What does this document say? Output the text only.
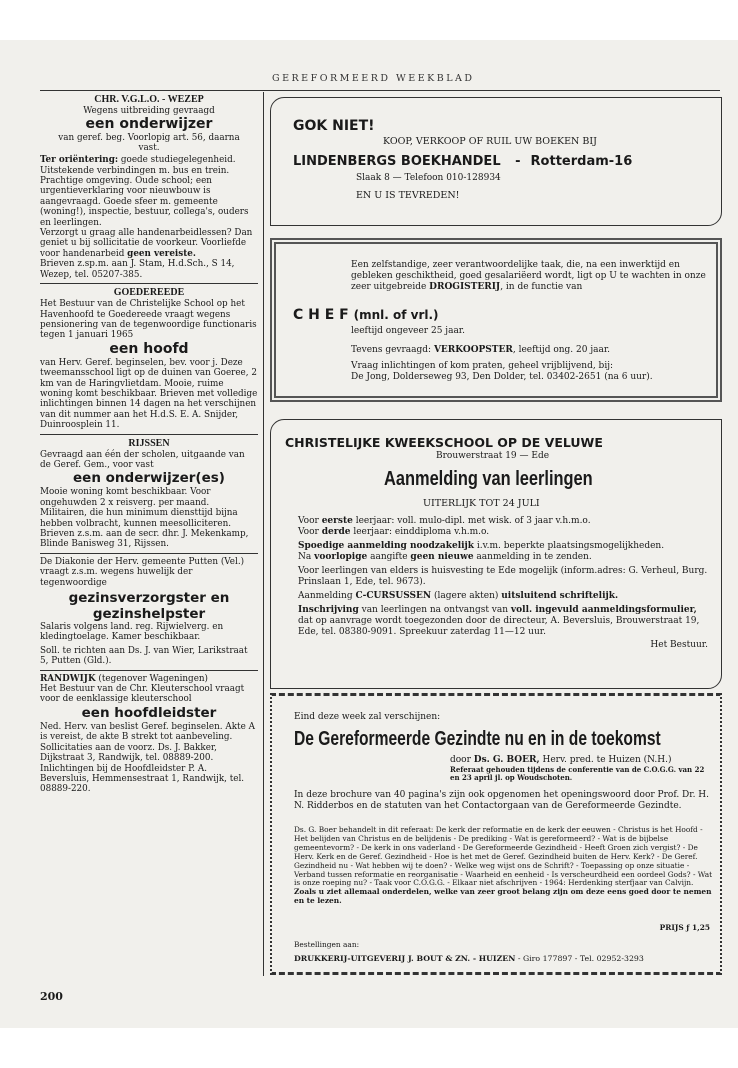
GEREFORMEERD WEEKBLAD
CHR. V.G.L.O. - WEZEP

Wegens uitbreiding gevraagd

een onderwijzer

van geref. beg. Voorlopig art. 56, daarna

vast.

Ter oriëntering: goede studiegelegenheid. Uitstekende verbindingen m. bus en trein. Prachtige omgeving. Oude school; een urgentieverklaring voor nieuwbouw is aangevraagd. Goede sfeer m. gemeente (woning!), inspectie, bestuur, collega's, ouders en leerlingen.

Verzorgt u graag alle handenarbeidlessen? Dan geniet u bij sollicitatie de voorkeur. Voorliefde voor handenarbeid geen vereiste.

Brieven z.sp.m. aan J. Stam, H.d.Sch., S 14, Wezep, tel. 05207-385.

GOEDEREEDE

Het Bestuur van de Christelijke School op het Havenhoofd te Goedereede vraagt wegens pensionering van de tegenwoordige functionaris tegen 1 januari 1965

een hoofd

van Herv. Geref. beginselen, bev. voor j. Deze tweemansschool ligt op de duinen van Goeree, 2 km van de Haringvlietdam. Mooie, ruime woning komt beschikbaar. Brieven met volledige inlichtingen binnen 14 dagen na het verschijnen van dit nummer aan het H.d.S. E. A. Snijder, Duinroosplein 11.

RIJSSEN

Gevraagd aan één der scholen, uitgaande van de Geref. Gem., voor vast

een onderwijzer(es)

Mooie woning komt beschikbaar. Voor ongehuwden 2 x reisverg. per maand. Militairen, die hun minimum diensttijd bijna hebben volbracht, kunnen meesolliciteren.

Brieven z.s.m. aan de secr. dhr. J. Mekenkamp, Blinde Banisweg 31, Rijssen.

De Diakonie der Herv. gemeente Putten (Vel.) vraagt z.s.m. wegens huwelijk der tegenwoordige

gezinsverzorgster en
gezinshelpster

Salaris volgens land. reg. Rijwielverg. en kledingtoelage. Kamer beschikbaar.

Soll. te richten aan Ds. J. van Wier, Larikstraat 5, Putten (Gld.).

RANDWIJK (tegenover Wageningen)

Het Bestuur van de Chr. Kleuterschool vraagt voor de eenklassige kleuterschool

een hoofdleidster

Ned. Herv. van beslist Geref. beginselen. Akte A is vereist, de akte B strekt tot aanbeveling.

Sollicitaties aan de voorz. Ds. J. Bakker, Dijkstraat 3, Randwijk, tel. 08889-200. Inlichtingen bij de Hoofdleidster P. A. Beversluis, Hemmensestraat 1, Randwijk, tel. 08889-220.

GOK NIET!
KOOP, VERKOOP OF RUIL UW BOEKEN BIJ
LINDENBERGS BOEKHANDEL - Rotterdam-16
Slaak 8 — Telefoon 010-128934
EN U IS TEVREDEN!
Een zelfstandige, zeer verantwoordelijke taak, die, na een inwerktijd en gebleken geschiktheid, goed gesalariëerd wordt, ligt op U te wachten in onze zeer uitgebreide DROGISTERIJ, in de functie van
C H E F (mnl. of vrl.)
leeftijd ongeveer 25 jaar.
Tevens gevraagd: VERKOOPSTER, leeftijd ong. 20 jaar.
Vraag inlichtingen of kom praten, geheel vrijblijvend, bij:
De Jong, Dolderseweg 93, Den Dolder, tel. 03402-2651 (na 6 uur).
CHRISTELIJKE KWEEKSCHOOL OP DE VELUWE
Brouwerstraat 19 — Ede
Aanmelding van leerlingen
UITERLIJK TOT 24 JULI
Voor eerste leerjaar: voll. mulo-dipl. met wisk. of 3 jaar v.h.m.o.
Voor derde leerjaar: einddiploma v.h.m.o.
Spoedige aanmelding noodzakelijk i.v.m. beperkte plaatsingsmogelijkheden.
Na voorlopige aangifte geen nieuwe aanmelding in te zenden.
Voor leerlingen van elders is huisvesting te Ede mogelijk (inform.adres: G. Verheul, Burg. Prinslaan 1, Ede, tel. 9673).
Aanmelding C-CURSUSSEN (lagere akten) uitsluitend schriftelijk.
Inschrijving van leerlingen na ontvangst van voll. ingevuld aanmeldingsformulier, dat op aanvrage wordt toegezonden door de directeur, A. Beversluis, Brouwerstraat 19, Ede, tel. 08380-9091. Spreekuur zaterdag 11—12 uur.
Het Bestuur.
Eind deze week zal verschijnen:
De Gereformeerde Gezindte nu en in de toekomst
door Ds. G. BOER, Herv. pred. te Huizen (N.H.)
Referaat gehouden tijdens de conferentie van de C.O.G.G. van 22 en 23 april jl. op Woudschoten.
In deze brochure van 40 pagina's zijn ook opgenomen het openingswoord door Prof. Dr. H. N. Ridderbos en de statuten van het Contactorgaan van de Gereformeerde Gezindte.
Ds. G. Boer behandelt in dit referaat: De kerk der reformatie en de kerk der eeuwen - Christus is het Hoofd - Het belijden van Christus en de belijdenis - De prediking - Wat is gereformeerd? - Wat is de bijbelse gemeentevorm? - De kerk in ons vaderland - De Gereformeerde Gezindheid - Heeft Groen zich vergist? - De Herv. Kerk en de Geref. Gezindheid - Hoe is het met de Geref. Gezindheid buiten de Herv. Kerk? - De Geref. Gezindheid nu - Wat hebben wij te doen? - Welke weg wijst ons de Schrift? - Toepassing op onze situatie - Verband tussen reformatie en reorganisatie - Waarheid en eenheid - Is verscheurdheid een oordeel Gods? - Wat is onze roeping nu? - Taak voor C.O.G.G. - Elkaar niet afschrijven - 1964: Herdenking sterfjaar van Calvijn. Zoals u ziet allemaal onderdelen, welke van zeer groot belang zijn om deze eens goed door te nemen en te lezen.
PRIJS ƒ 1,25
Bestellingen aan:
DRUKKERIJ-UITGEVERIJ J. BOUT & ZN. - HUIZEN - Giro 177897 - Tel. 02952-3293
200
